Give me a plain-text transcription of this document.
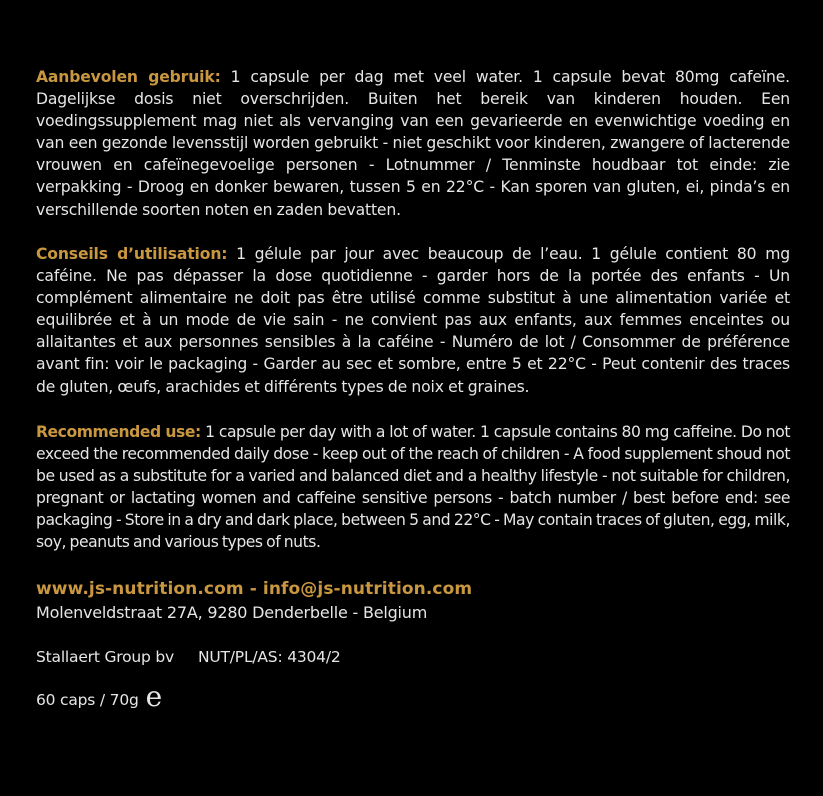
Aanbevolen gebruik: 1 capsule per dag met veel water. 1 capsule bevat 80mg cafeïne. Dagelijkse dosis niet overschrijden. Buiten het bereik van kinderen houden. Een voedingssupplement mag niet als vervanging van een gevarieerde en evenwichtige voeding en van een gezonde levensstijl worden gebruikt - niet geschikt voor kinderen, zwangere of lacterende vrouwen en cafeïnegevoelige personen - Lotnummer / Tenminste houdbaar tot einde: zie verpakking - Droog en donker bewaren, tussen 5 en 22°C - Kan sporen van gluten, ei, pinda’s en verschillende soorten noten en zaden bevatten.
Conseils d’utilisation: 1 gélule par jour avec beaucoup de l’eau. 1 gélule contient 80 mg caféine. Ne pas dépasser la dose quotidienne - garder hors de la portée des enfants - Un complément alimentaire ne doit pas être utilisé comme substitut à une alimentation variée et equilibrée et à un mode de vie sain - ne convient pas aux enfants, aux femmes enceintes ou allaitantes et aux personnes sensibles à la caféine - Numéro de lot / Consommer de préférence avant fin: voir le packaging - Garder au sec et sombre, entre 5 et 22°C - Peut contenir des traces de gluten, œufs, arachides et différents types de noix et graines.
Recommended use: 1 capsule per day with a lot of water. 1 capsule contains 80 mg caffeine. Do not exceed the recommended daily dose - keep out of the reach of children - A food supplement shoud not be used as a substitute for a varied and balanced diet and a healthy lifestyle - not suitable for children, pregnant or lactating women and caffeine sensitive persons - batch number / best before end: see packaging - Store in a dry and dark place, between 5 and 22°C - May contain traces of gluten, egg, milk, soy, peanuts and various types of nuts.
www.js-nutrition.com - info@js-nutrition.com
Molenveldstraat 27A, 9280 Denderbelle - Belgium
Stallaert Group bv NUT/PL/AS: 4304/2
60 caps / 70g e
